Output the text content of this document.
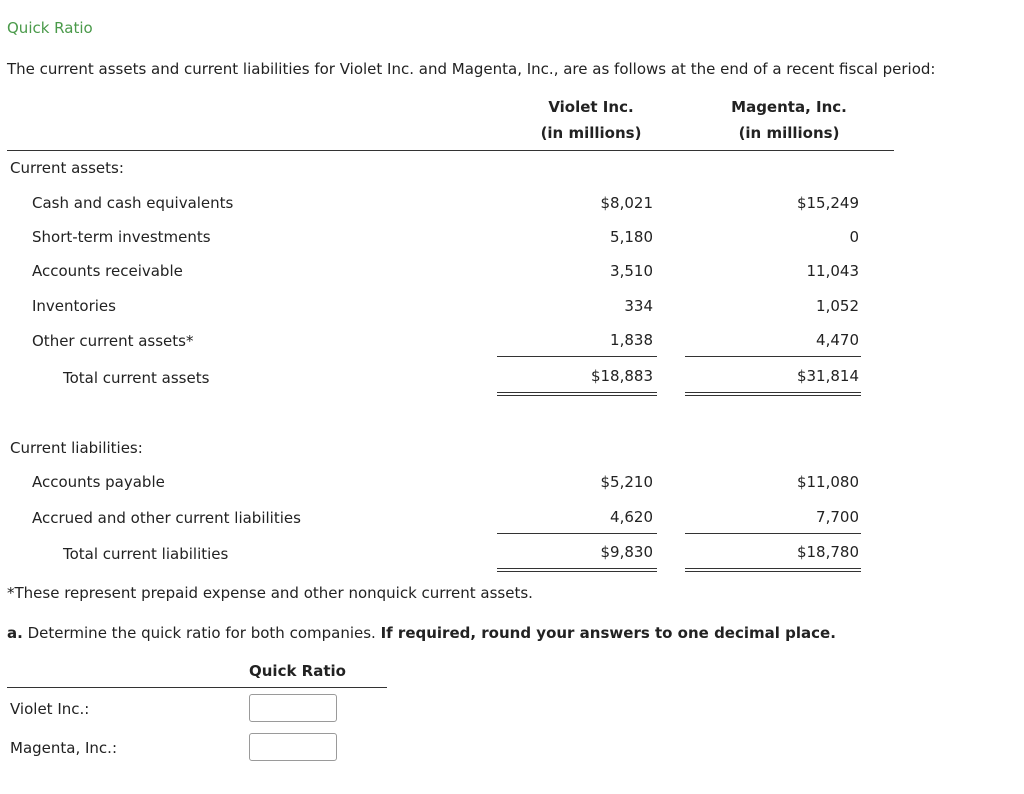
Quick Ratio
The current assets and current liabilities for Violet Inc. and Magenta, Inc., are as follows at the end of a recent fiscal period:
Violet Inc.
(in millions)
Magenta, Inc.
(in millions)
Current assets:
Cash and cash equivalents	$8,021	$15,249
Short-term investments	5,180	0
Accounts receivable	3,510	11,043
Inventories	334	1,052
Other current assets*	1,838	4,470
Total current assets	$18,883	$31,814
Current liabilities:
Accounts payable	$5,210	$11,080
Accrued and other current liabilities	4,620	7,700
Total current liabilities	$9,830	$18,780
*These represent prepaid expense and other nonquick current assets.
a. Determine the quick ratio for both companies. If required, round your answers to one decimal place.
Quick Ratio
Violet Inc.:
Magenta, Inc.:
